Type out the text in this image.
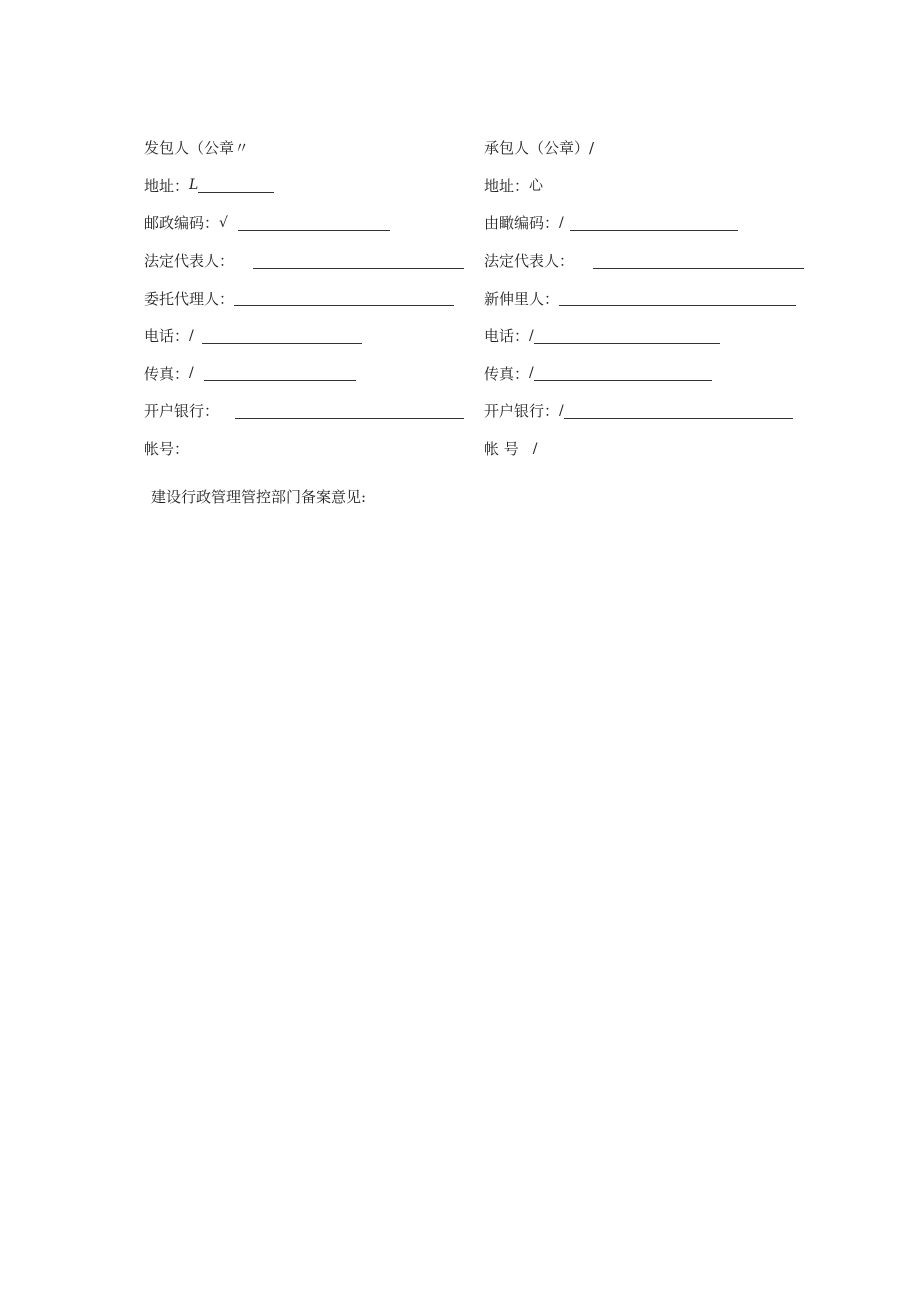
发包人（公章〃
地址： L
邮政编码： √
法定代表人：
委托代理人：
电话： /
传真： /
开户银行：
帐号：
承包人（公章）/
地址： 心
由瞰编码： /
法定代表人：
新伸里人：
电话： /
传真： /
开户银行： /
帐 号 /
建设行政管理管控部门备案意见:
